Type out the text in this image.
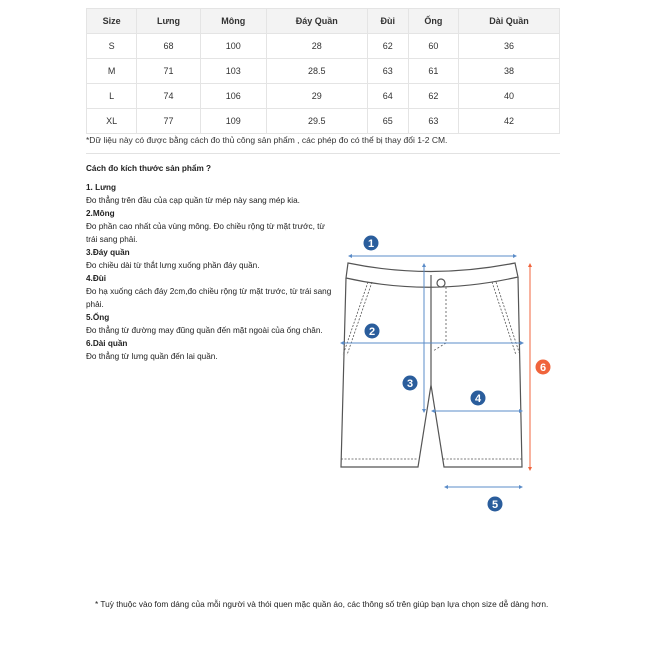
Size	Lưng	Mông	Đáy Quần	Đùi	Ống	Dài Quần
S	68	100	28	62	60	36
M	71	103	28.5	63	61	38
L	74	106	29	64	62	40
XL	77	109	29.5	65	63	42
*Dữ liệu này có được bằng cách đo thủ công sản phẩm , các phép đo có thể bị thay đổi 1-2 CM.
Cách đo kích thước sản phẩm ?
1. Lưng
Đo thẳng trên đầu của cạp quần từ mép này sang mép kia.
2.Mông
Đo phần cao nhất của vùng mông. Đo chiều rộng từ mặt trước, từ trái sang phải.
3.Đáy quần
Đo chiều dài từ thắt lưng xuống phần đáy quần.
4.Đùi
Đo hạ xuống cách đáy 2cm,đo chiều rộng từ mặt trước, từ trái sang phải.
5.Ống
Đo thẳng từ đường may đũng quần đến mặt ngoài của ống chân.
6.Dài quần
Đo thẳng từ lưng quần đến lai quần.
1
2
3
4
5
6
* Tuỳ thuộc vào fom dáng của mỗi người và thói quen mặc quần áo, các thông số trên giúp bạn lựa chọn size dễ dàng hơn.
